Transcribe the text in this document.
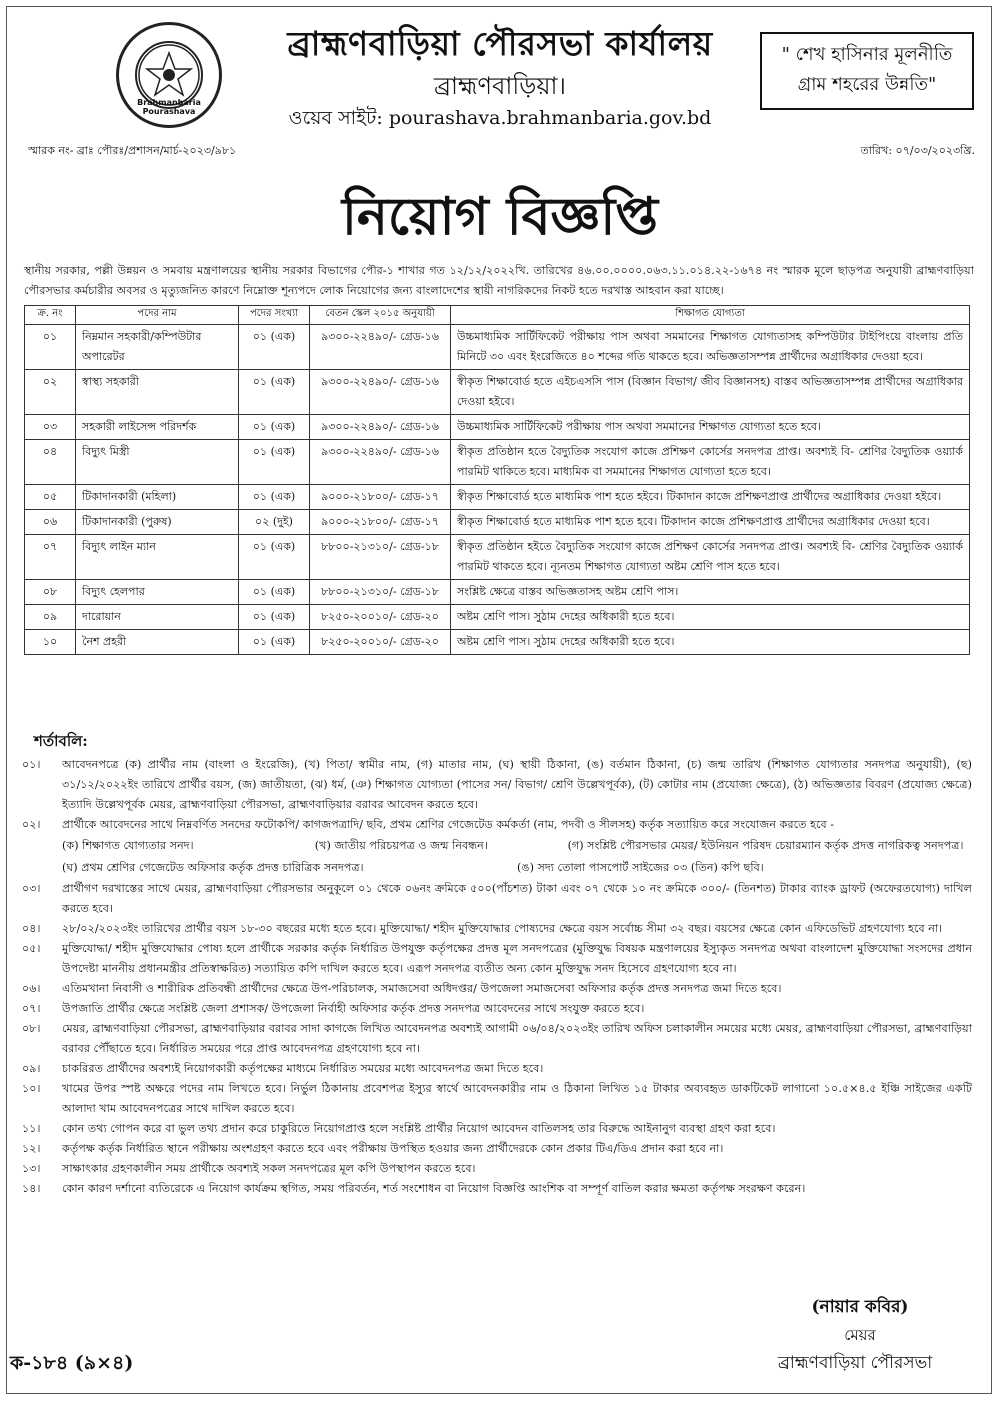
Brahmanbaria Pourashava
ব্রাহ্মণবাড়িয়া পৌরসভা কার্যালয়
ব্রাহ্মণবাড়িয়া।
ওয়েব সাইট: pourashava.brahmanbaria.gov.bd
" শেখ হাসিনার মূলনীতি
গ্রাম শহরের উন্নতি"
স্মারক নং- ব্রাঃ পৌরঃ/প্রশাসন/মার্চ-২০২৩/৯৮১	তারিখ: ০৭/০৩/২০২৩খ্রি.
নিয়োগ বিজ্ঞপ্তি
স্থানীয় সরকার, পল্লী উন্নয়ন ও সমবায় মন্ত্রণালয়ের স্থানীয় সরকার বিভাগের পৌর-১ শাখার গত ১২/১২/২০২২খি. তারিখের ৪৬.০০.০০০০.০৬৩.১১.০১৪.২২-১৬৭৪ নং স্মারক মূলে ছাড়পত্র অনুযায়ী ব্রাহ্মণবাড়িয়া পৌরসভার কর্মচারীর অবসর ও মৃত্যুজনিত কারণে নিম্নোক্ত শূন্যপদে লোক নিয়োগের জন্য বাংলাদেশের স্থায়ী নাগরিকদের নিকট হতে দরখাস্ত আহবান করা যাচ্ছে।
ক্র. নং	পদের নাম	পদের সংখ্যা	বেতন স্কেল ২০১৫ অনুযায়ী	শিক্ষাগত যোগ্যতা
০১	নিম্নমান সহকারী/কম্পিউটার অপারেটর	০১ (এক)	৯৩০০-২২৪৯০/- গ্রেড-১৬	উচ্চমাধ্যমিক সার্টিফিকেট পরীক্ষায় পাস অথবা সমমানের শিক্ষাগত যোগ্যতাসহ কম্পিউটার টাইপিংয়ে বাংলায় প্রতি মিনিটে ৩০ এবং ইংরেজিতে ৪০ শব্দের গতি থাকতে হবে। অভিজ্ঞতাসম্পন্ন প্রার্থীদের অগ্রাধিকার দেওয়া হবে।
০২	স্বাস্থ্য সহকারী	০১ (এক)	৯৩০০-২২৪৯০/- গ্রেড-১৬	স্বীকৃত শিক্ষাবোর্ড হতে এইচএসসি পাস (বিজ্ঞান বিভাগ/ জীব বিজ্ঞানসহ) বাস্তব অভিজ্ঞতাসম্পন্ন প্রার্থীদের অগ্রাধিকার দেওয়া হইবে।
০৩	সহকারী লাইসেন্স পরিদর্শক	০১ (এক)	৯৩০০-২২৪৯০/- গ্রেড-১৬	উচ্চমাধ্যমিক সার্টিফিকেট পরীক্ষায় পাস অথবা সমমানের শিক্ষাগত যোগ্যতা হতে হবে।
০৪	বিদ্যুৎ মিস্ত্রী	০১ (এক)	৯৩০০-২২৪৯০/- গ্রেড-১৬	স্বীকৃত প্রতিষ্ঠান হতে বৈদ্যুতিক সংযোগ কাজে প্রশিক্ষণ কোর্সের সনদপত্র প্রাপ্ত। অবশ্যই বি- শ্রেণির বৈদ্যুতিক ওয়্যার্ক পারমিট থাকিতে হবে। মাধ্যমিক বা সমমানের শিক্ষাগত যোগ্যতা হতে হবে।
০৫	টিকাদানকারী (মহিলা)	০১ (এক)	৯০০০-২১৮০০/- গ্রেড-১৭	স্বীকৃত শিক্ষাবোর্ড হতে মাধ্যমিক পাশ হতে হইবে। টিকাদান কাজে প্রশিক্ষণপ্রাপ্ত প্রার্থীদের অগ্রাধিকার দেওয়া হইবে।
০৬	টিকাদানকারী (পুরুষ)	০২ (দুই)	৯০০০-২১৮০০/- গ্রেড-১৭	স্বীকৃত শিক্ষাবোর্ড হতে মাধ্যমিক পাশ হতে হবে। টিকাদান কাজে প্রশিক্ষণপ্রাপ্ত প্রার্থীদের অগ্রাধিকার দেওয়া হবে।
০৭	বিদ্যুৎ লাইন ম্যান	০১ (এক)	৮৮০০-২১৩১০/- গ্রেড-১৮	স্বীকৃত প্রতিষ্ঠান হইতে বৈদ্যুতিক সংযোগ কাজে প্রশিক্ষণ কোর্সের সনদপত্র প্রাপ্ত। অবশ্যই বি- শ্রেণির বৈদ্যুতিক ওয়্যার্ক পারমিট থাকতে হবে। ন্যূনতম শিক্ষাগত যোগ্যতা অষ্টম শ্রেণি পাস হতে হবে।
০৮	বিদ্যুৎ হেলপার	০১ (এক)	৮৮০০-২১৩১০/- গ্রেড-১৮	সংশ্লিষ্ট ক্ষেত্রে বাস্তব অভিজ্ঞতাসহ অষ্টম শ্রেণি পাস।
০৯	দারোয়ান	০১ (এক)	৮২৫০-২০০১০/- গ্রেড-২০	অষ্টম শ্রেণি পাস। সুঠাম দেহের অধিকারী হতে হবে।
১০	নৈশ প্রহরী	০১ (এক)	৮২৫০-২০০১০/- গ্রেড-২০	অষ্টম শ্রেণি পাস। সুঠাম দেহের অধিকারী হতে হবে।
শর্তাবলি:
০১।	আবেদনপত্রে (ক) প্রার্থীর নাম (বাংলা ও ইংরেজি), (খ) পিতা/ স্বামীর নাম, (গ) মাতার নাম, (ঘ) স্থায়ী ঠিকানা, (ঙ) বর্তমান ঠিকানা, (চ) জন্ম তারিখ (শিক্ষাগত যোগ্যতার সনদপত্র অনুযায়ী), (ছ) ৩১/১২/২০২২ইং তারিখে প্রার্থীর বয়স, (জ) জাতীয়তা, (ঝ) ধর্ম, (ঞ) শিক্ষাগত যোগ্যতা (পাসের সন/ বিভাগ/ শ্রেণি উল্লেখপূর্বক), (ট) কোটার নাম (প্রযোজ্য ক্ষেত্রে), (ঠ) অভিজ্ঞতার বিবরণ (প্রযোজ্য ক্ষেত্রে) ইত্যাদি উল্লেখপূর্বক মেয়র, ব্রাহ্মণবাড়িয়া পৌরসভা, ব্রাহ্মণবাড়িয়ার বরাবর আবেদন করতে হবে।
০২।	প্রার্থীকে আবেদনের সাথে নিম্নবর্ণিত সনদের ফটোকপি/ কাগজপত্রাদি/ ছবি, প্রথম শ্রেণির গেজেটেড কর্মকর্তা (নাম, পদবী ও সীলসহ) কর্তৃক সত্যায়িত করে সংযোজন করতে হবে -
(ক) শিক্ষাগত যোগ্যতার সনদ।	(খ) জাতীয় পরিচয়পত্র ও জন্ম নিবন্ধন।	(গ) সংশ্লিষ্ট পৌরসভার মেয়র/ ইউনিয়ন পরিষদ চেয়ারম্যান কর্তৃক প্রদত্ত নাগরিকত্ব সনদপত্র।
(ঘ) প্রথম শ্রেণির গেজেটেড অফিসার কর্তৃক প্রদত্ত চারিত্রিক সনদপত্র।	(ঙ) সদ্য তোলা পাসপোর্ট সাইজের ০৩ (তিন) কপি ছবি।
০৩।	প্রার্থীগণ দরখাস্তের সাথে মেয়র, ব্রাহ্মণবাড়িয়া পৌরসভার অনুকূলে ০১ থেকে ০৬নং ক্রমিকে ৫০০(পাঁচশত) টাকা এবং ০৭ থেকে ১০ নং ক্রমিকে ৩০০/- (তিনশত) টাকার ব্যাংক ড্রাফট (অফেরতযোগ্য) দাখিল করতে হবে।
০৪।	২৮/০২/২০২৩ইং তারিখের প্রার্থীর বয়স ১৮-৩০ বছরের মধ্যে হতে হবে। মুক্তিযোদ্ধা/ শহীদ মুক্তিযোদ্ধার পোষ্যদের ক্ষেত্রে বয়স সর্বোচ্চ সীমা ৩২ বছর। বয়সের ক্ষেত্রে কোন এফিডেভিট গ্রহণযোগ্য হবে না।
০৫।	মুক্তিযোদ্ধা/ শহীদ মুক্তিযোদ্ধার পোষ্য হলে প্রার্থীকে সরকার কর্তৃক নির্ধারিত উপযুক্ত কর্তৃপক্ষের প্রদত্ত মূল সনদপত্রের (মুক্তিযুদ্ধ বিষয়ক মন্ত্রণালয়ের ইস্যুকৃত সনদপত্র অথবা বাংলাদেশ মুক্তিযোদ্ধা সংসদের প্রধান উপদেষ্টা মাননীয় প্রধানমন্ত্রীর প্রতিস্বাক্ষরিত) সত্যায়িত কপি দাখিল করতে হবে। এরূপ সনদপত্র ব্যতীত অন্য কোন মুক্তিযুদ্ধ সনদ হিসেবে গ্রহণযোগ্য হবে না।
০৬।	এতিমখানা নিবাসী ও শারীরিক প্রতিবন্ধী প্রার্থীদের ক্ষেত্রে উপ-পরিচালক, সমাজসেবা অধিদপ্তর/ উপজেলা সমাজসেবা অফিসার কর্তৃক প্রদত্ত সনদপত্র জমা দিতে হবে।
০৭।	উপজাতি প্রার্থীর ক্ষেত্রে সংশ্লিষ্ট জেলা প্রশাসক/ উপজেলা নির্বাহী অফিসার কর্তৃক প্রদত্ত সনদপত্র আবেদনের সাথে সংযুক্ত করতে হবে।
০৮।	মেয়র, ব্রাহ্মণবাড়িয়া পৌরসভা, ব্রাহ্মণবাড়িয়ার বরাবর সাদা কাগজে লিখিত আবেদনপত্র অবশ্যই আগামী ০৬/০৪/২০২৩ইং তারিখ অফিস চলাকালীন সময়ের মধ্যে মেয়র, ব্রাহ্মণবাড়িয়া পৌরসভা, ব্রাহ্মণবাড়িয়া বরাবর পৌঁছাতে হবে। নির্ধারিত সময়ের পরে প্রাপ্ত আবেদনপত্র গ্রহণযোগ্য হবে না।
০৯।	চাকরিরত প্রার্থীদের অবশ্যই নিয়োগকারী কর্তৃপক্ষের মাধ্যমে নির্ধারিত সময়ের মধ্যে আবেদনপত্র জমা দিতে হবে।
১০।	খামের উপর স্পষ্ট অক্ষরে পদের নাম লিখতে হবে। নির্ভুল ঠিকানায় প্রবেশপত্র ইস্যুর স্বার্থে আবেদনকারীর নাম ও ঠিকানা লিখিত ১৫ টাকার অব্যবহৃত ডাকটিকেট লাগানো ১০.৫×৪.৫ ইঞ্চি সাইজের একটি আলাদা খাম আবেদনপত্রের সাথে দাখিল করতে হবে।
১১।	কোন তথ্য গোপন করে বা ভুল তথ্য প্রদান করে চাকুরিতে নিয়োগপ্রাপ্ত হলে সংশ্লিষ্ট প্রার্থীর নিয়োগ আবেদন বাতিলসহ তার বিরুদ্ধে আইনানুগ ব্যবস্থা গ্রহণ করা হবে।
১২।	কর্তৃপক্ষ কর্তৃক নির্ধারিত স্থানে পরীক্ষায় অংশগ্রহণ করতে হবে এবং পরীক্ষায় উপস্থিত হওয়ার জন্য প্রার্থীদেরকে কোন প্রকার টিএ/ডিএ প্রদান করা হবে না।
১৩।	সাক্ষাৎকার গ্রহণকালীন সময় প্রার্থীকে অবশ্যই সকল সনদপত্রের মূল কপি উপস্থাপন করতে হবে।
১৪।	কোন কারণ দর্শানো ব্যতিরেকে এ নিয়োগ কার্যক্রম স্থগিত, সময় পরিবর্তন, শর্ত সংশোধন বা নিয়োগ বিজ্ঞপ্তি আংশিক বা সম্পূর্ণ বাতিল করার ক্ষমতা কর্তৃপক্ষ সংরক্ষণ করেন।
(নায়ার কবির)
মেয়র
ব্রাহ্মণবাড়িয়া পৌরসভা
ক-১৮৪ (৯×৪)
